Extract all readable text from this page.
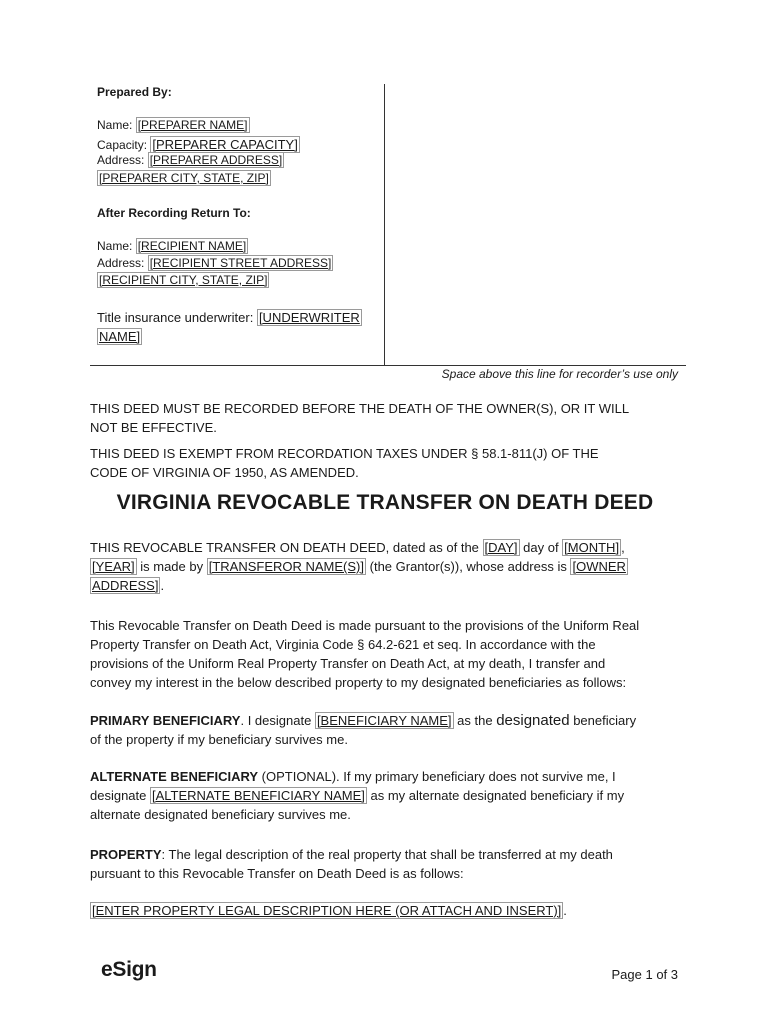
Prepared By:
Name: [PREPARER NAME]
Capacity: [PREPARER CAPACITY]
Address: [PREPARER ADDRESS]
[PREPARER CITY, STATE, ZIP]
After Recording Return To:
Name: [RECIPIENT NAME]
Address: [RECIPIENT STREET ADDRESS]
[RECIPIENT CITY, STATE, ZIP]
Title insurance underwriter: [UNDERWRITER
NAME]
Space above this line for recorder’s use only
THIS DEED MUST BE RECORDED BEFORE THE DEATH OF THE OWNER(S), OR IT WILL
NOT BE EFFECTIVE.
THIS DEED IS EXEMPT FROM RECORDATION TAXES UNDER § 58.1-811(J) OF THE
CODE OF VIRGINIA OF 1950, AS AMENDED.
VIRGINIA REVOCABLE TRANSFER ON DEATH DEED
THIS REVOCABLE TRANSFER ON DEATH DEED, dated as of the [DAY] day of [MONTH] ,
[YEAR] is made by [TRANSFEROR NAME(S)] (the Grantor(s)), whose address is [OWNER
ADDRESS] .
This Revocable Transfer on Death Deed is made pursuant to the provisions of the Uniform Real
Property Transfer on Death Act, Virginia Code § 64.2-621 et seq. In accordance with the
provisions of the Uniform Real Property Transfer on Death Act, at my death, I transfer and
convey my interest in the below described property to my designated beneficiaries as follows:
PRIMARY BENEFICIARY. I designate [BENEFICIARY NAME] as the designated beneficiary
of the property if my beneficiary survives me.
ALTERNATE BENEFICIARY (OPTIONAL). If my primary beneficiary does not survive me, I
designate [ALTERNATE BENEFICIARY NAME] as my alternate designated beneficiary if my
alternate designated beneficiary survives me.
PROPERTY: The legal description of the real property that shall be transferred at my death
pursuant to this Revocable Transfer on Death Deed is as follows:
[ENTER PROPERTY LEGAL DESCRIPTION HERE (OR ATTACH AND INSERT)] .
eSign	Page 1 of 3
